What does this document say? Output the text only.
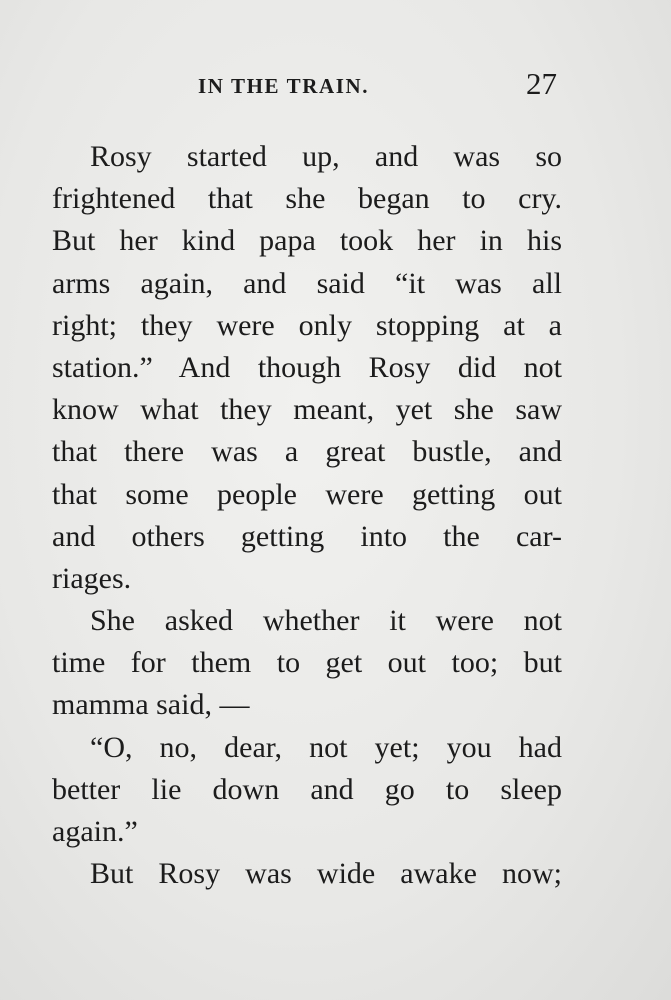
IN THE TRAIN.	27
Rosy started up, and was so
frightened that she began to cry.
But her kind papa took her in his
arms again, and said “it was all
right; they were only stopping at a
station.” And though Rosy did not
know what they meant, yet she saw
that there was a great bustle, and
that some people were getting out
and others getting into the car-
riages.
She asked whether it were not
time for them to get out too; but
mamma said, —
“O, no, dear, not yet; you had
better lie down and go to sleep
again.”
But Rosy was wide awake now;
